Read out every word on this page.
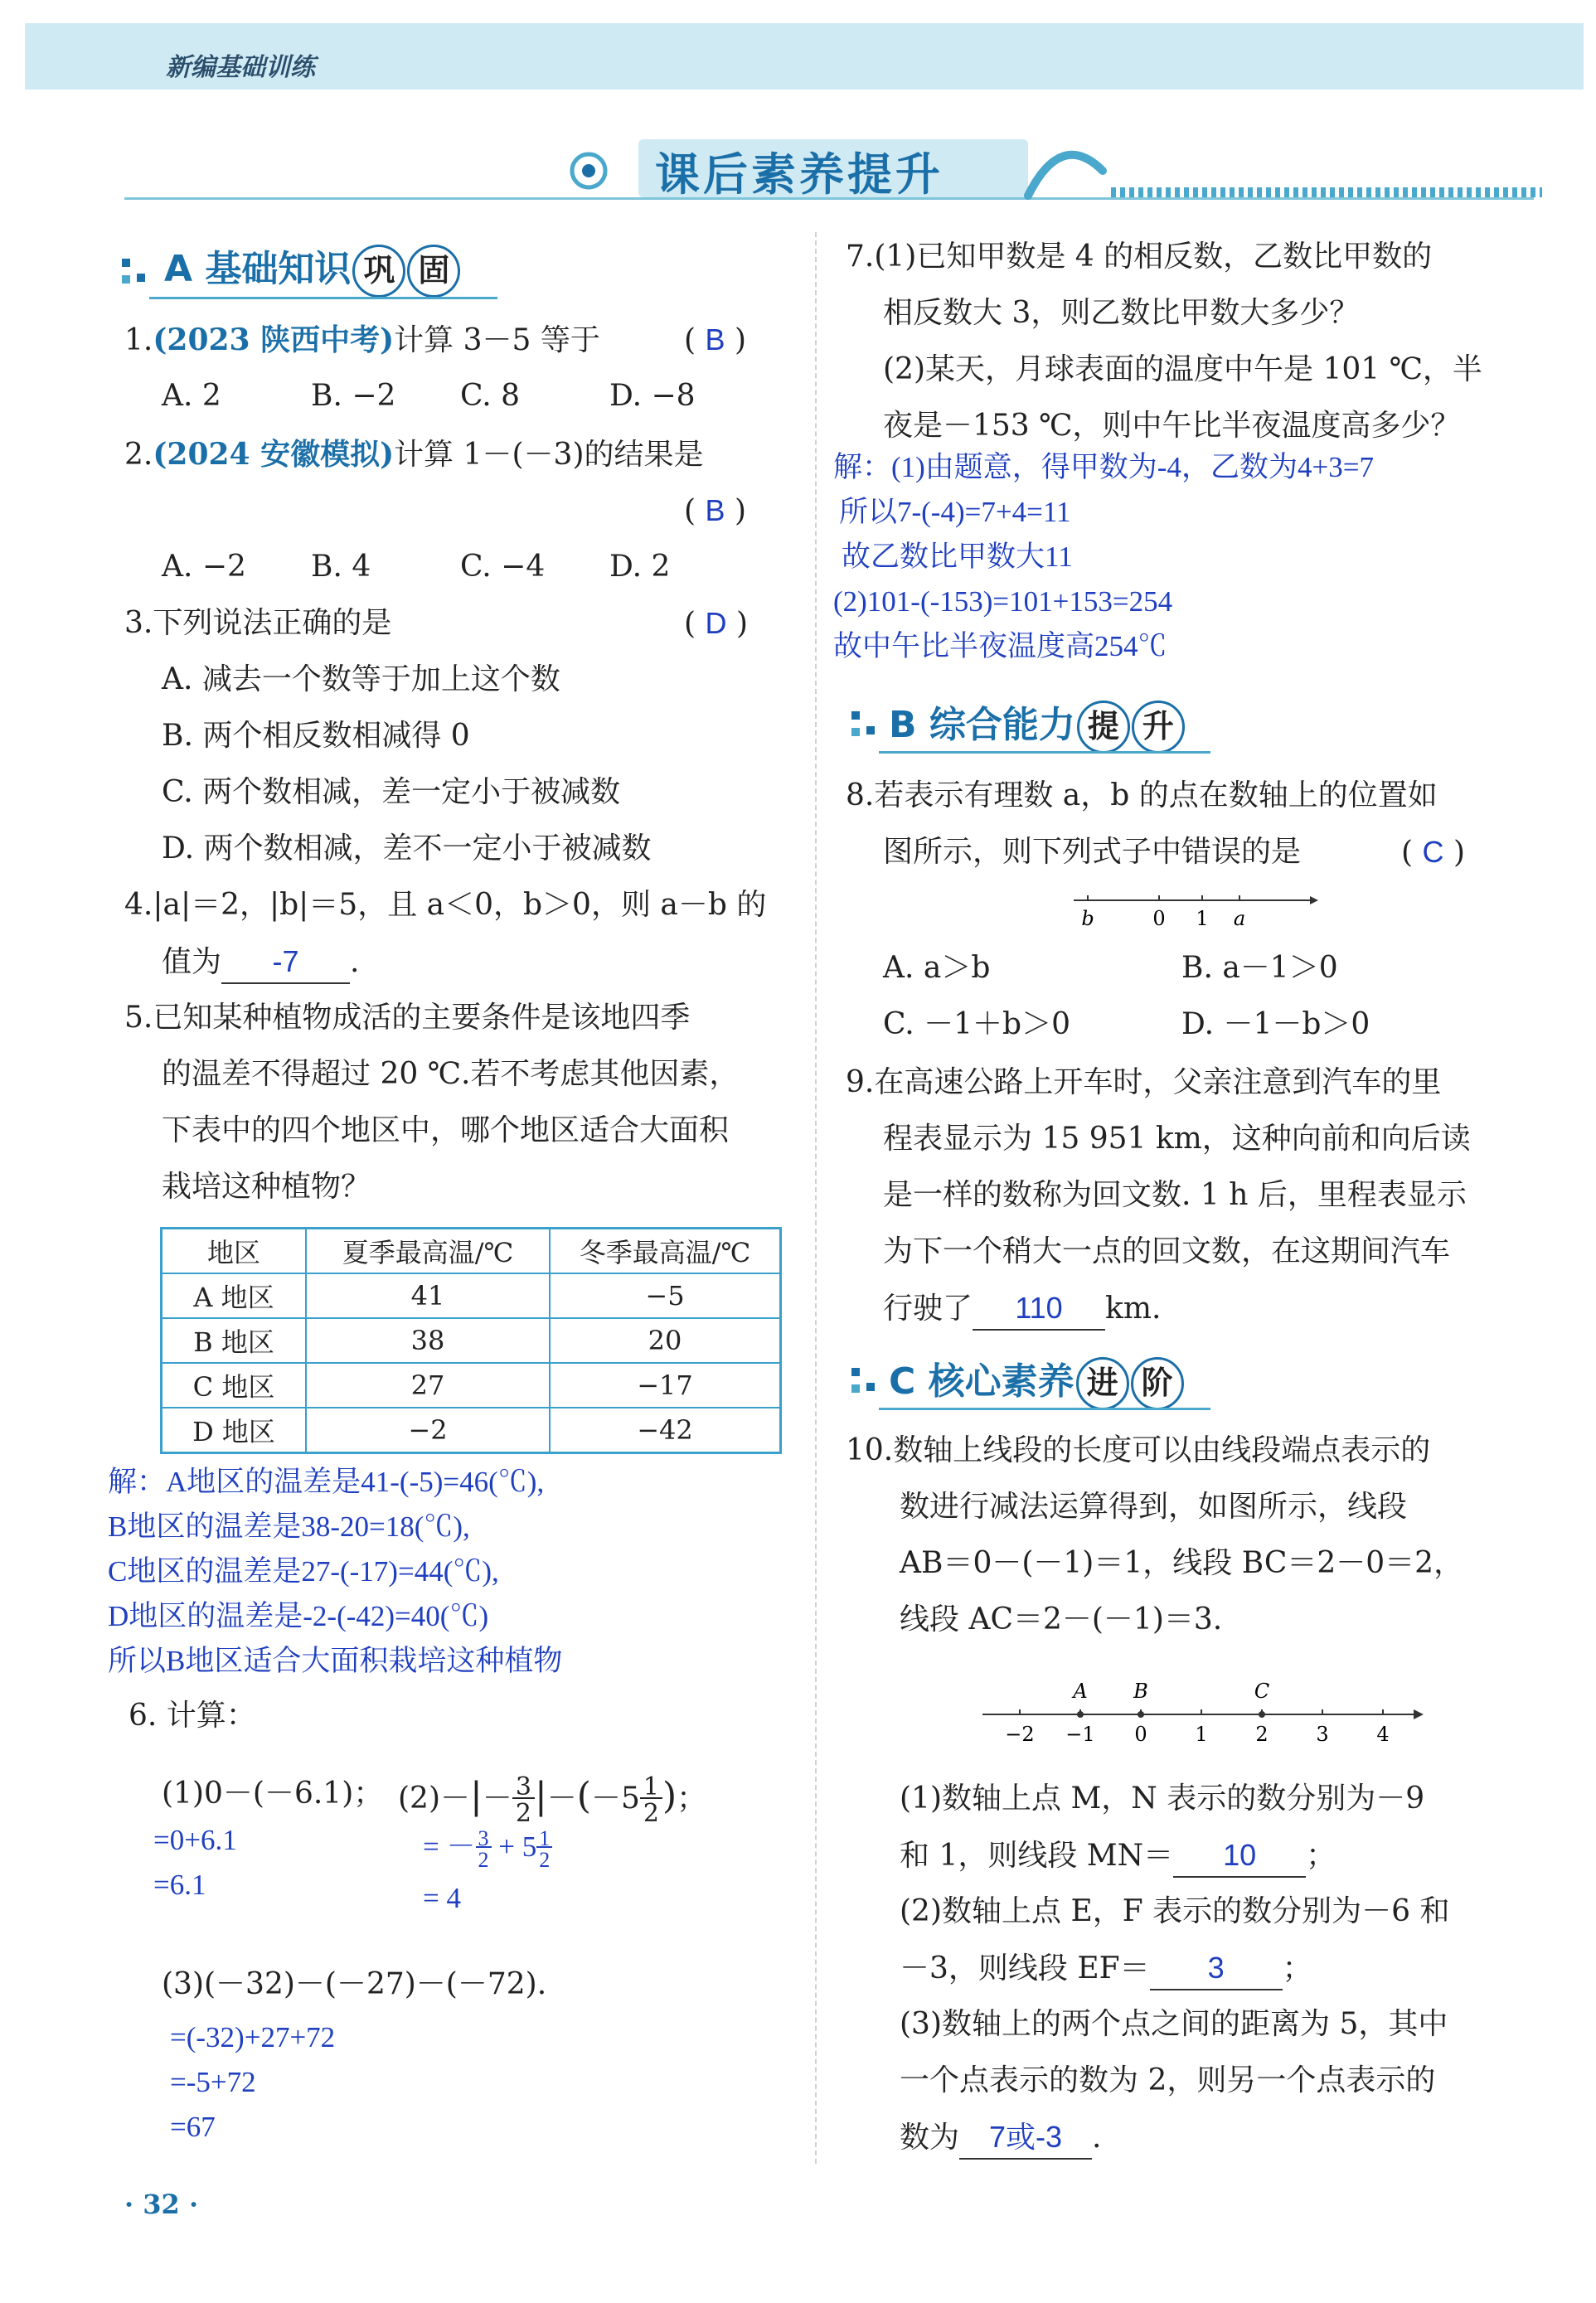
新编基础训练
课后素养提升
A 基础知识 巩 固
1.(2023 陕西中考)计算 3－5 等于	( B )
A. 2	B. −2 C. 8	D. −8
2.(2024 安徽模拟)计算 1－(－3)的结果是
( B )
A. −2 B. 4	C. −4 D. 2
3.下列说法正确的是	( D )
A. 减去一个数等于加上这个数
B. 两个相反数相减得 0
C. 两个数相减，差一定小于被减数
D. 两个数相减，差不一定小于被减数
4.|a|＝2，|b|＝5，且 a＜0，b＞0，则 a－b 的
值为 -7 .
5.已知某种植物成活的主要条件是该地四季
的温差不得超过 20 ℃.若不考虑其他因素，
下表中的四个地区中，哪个地区适合大面积
栽培这种植物？
地区	夏季最高温/℃	冬季最高温/℃
A 地区	41	−5
B 地区	38	20
C 地区	27	−17
D 地区	−2	−42
解：A地区的温差是41-(-5)=46(℃),
B地区的温差是38-20=18(℃),
C地区的温差是27-(-17)=44(℃),
D地区的温差是-2-(-42)=40(℃)
所以B地区适合大面积栽培这种植物
6. 计算：
(1)0－(－6.1)； (2)－|－ 3
2|－(－5 1
2)；
=0+6.1
=6.1
= － 3
2 + 5 1
2
= 4
(3)(－32)－(－27)－(－72).
=(-32)+27+72
=-5+72
=67
· 32 ·
7.(1)已知甲数是 4 的相反数，乙数比甲数的
相反数大 3，则乙数比甲数大多少？
(2)某天，月球表面的温度中午是 101 ℃，半
夜是－153 ℃，则中午比半夜温度高多少？
解：(1)由题意，得甲数为-4，乙数为4+3=7
所以7-(-4)=7+4=11
故乙数比甲数大11
(2)101-(-153)=101+153=254
故中午比半夜温度高254℃
B 综合能力 提 升
8.若表示有理数 a，b 的点在数轴上的位置如
图所示，则下列式子中错误的是	( C )
b	0 1 a
A. a＞b	B. a－1＞0
C. －1＋b＞0	D. －1－b＞0
9.在高速公路上开车时，父亲注意到汽车的里
程表显示为 15 951 km，这种向前和向后读
是一样的数称为回文数. 1 h 后，里程表显示
为下一个稍大一点的回文数，在这期间汽车
行驶了 110 km.
C 核心素养 进 阶
10.数轴上线段的长度可以由线段端点表示的
数进行减法运算得到，如图所示，线段
AB＝0－(－1)＝1，线段 BC＝2－0＝2，
线段 AC＝2－(－1)＝3.
A B	C
−2 −1 0 1 2 3 4
(1)数轴上点 M，N 表示的数分别为－9
和 1，则线段 MN＝ 10 ；
(2)数轴上点 E，F 表示的数分别为－6 和
－3，则线段 EF＝ 3 ；
(3)数轴上的两个点之间的距离为 5，其中
一个点表示的数为 2，则另一个点表示的
数为 7或-3 .
